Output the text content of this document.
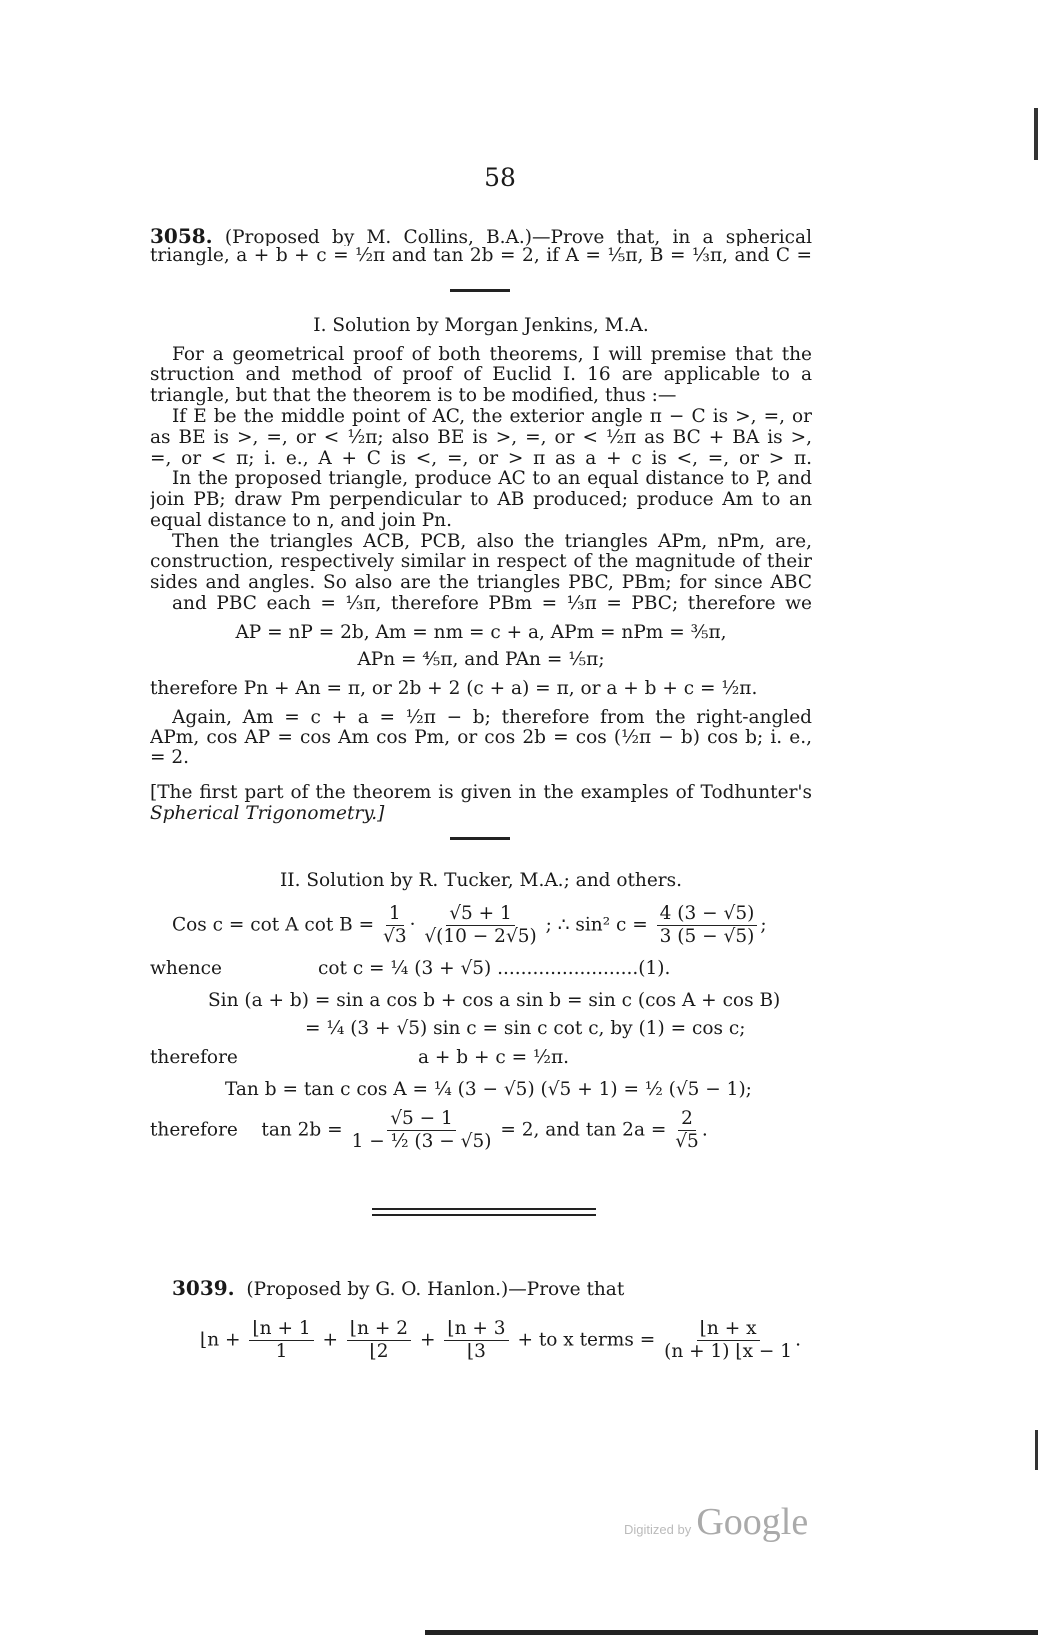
58
3058. (Proposed by M. Collins, B.A.)—Prove that, in a spherical
triangle, a + b + c = ½π and tan 2b = 2, if A = ⅕π, B = ⅓π, and C =
I. Solution by Morgan Jenkins, M.A.
For a geometrical proof of both theorems, I will premise that the
struction and method of proof of Euclid I. 16 are applicable to a
triangle, but that the theorem is to be modified, thus :—
If E be the middle point of AC, the exterior angle π − C is >, =, or
as BE is >, =, or < ½π; also BE is >, =, or < ½π as BC + BA is >,
=, or < π; i. e., A + C is <, =, or > π as a + c is <, =, or > π.
In the proposed triangle, produce AC to an equal distance to P, and
join PB; draw Pm perpendicular to AB produced; produce Am to an
equal distance to n, and join Pn.
Then the triangles ACB, PCB, also the triangles APm, nPm, are,
construction, respectively similar in respect of the magnitude of their
sides and angles. So also are the triangles PBC, PBm; for since ABC
and PBC each = ⅓π, therefore PBm = ⅓π = PBC; therefore we
AP = nP = 2b, Am = nm = c + a, APm = nPm = ⅗π,
APn = ⅘π, and PAn = ⅕π;
therefore Pn + An = π, or 2b + 2 (c + a) = π, or a + b + c = ½π.
Again, Am = c + a = ½π − b; therefore from the right-angled
APm, cos AP = cos Am cos Pm, or cos 2b = cos (½π − b) cos b; i. e.,
= 2.
[The first part of the theorem is given in the examples of Todhunter's
Spherical Trigonometry.]
II. Solution by R. Tucker, M.A.; and others.
Cos c = cot A $\cot B = \frac{1}{√3} \cdot \frac{√5 + 1}{√(10 - 2√5)}$ ; ∴ sin² $c = \frac{4 (3 - √5)}{3 (5 - √5)}$ ;
whence	cot c = ¼ (3 + √5) ........................(1).
Sin (a + b) = sin a cos b + cos a sin b = sin c (cos A + cos B)
= ¼ (3 + √5) sin c = sin c cot c, by (1) = cos c;
therefore	a + b + c = ½π.
Tan b = tan c cos A = ¼ (3 − √5) (√5 + 1) = ½ (√5 − 1);
therefore $\tan 2b = \frac{√5 - 1}{\text{1 − ½ (3 − √5)}} = 2$, and $\tan 2a = \frac{2}{√5}$ .
3039. (Proposed by G. O. Hanlon.)—Prove that
⌊n + $\frac{⌊n + 1}{1} + \frac{⌊n + 2}{⌊2} + \frac{⌊n + 3}{⌊3}$ + to x terms = $\frac{⌊n + x}{(n + 1) ⌊x - 1}$ .
Digitized by Google
